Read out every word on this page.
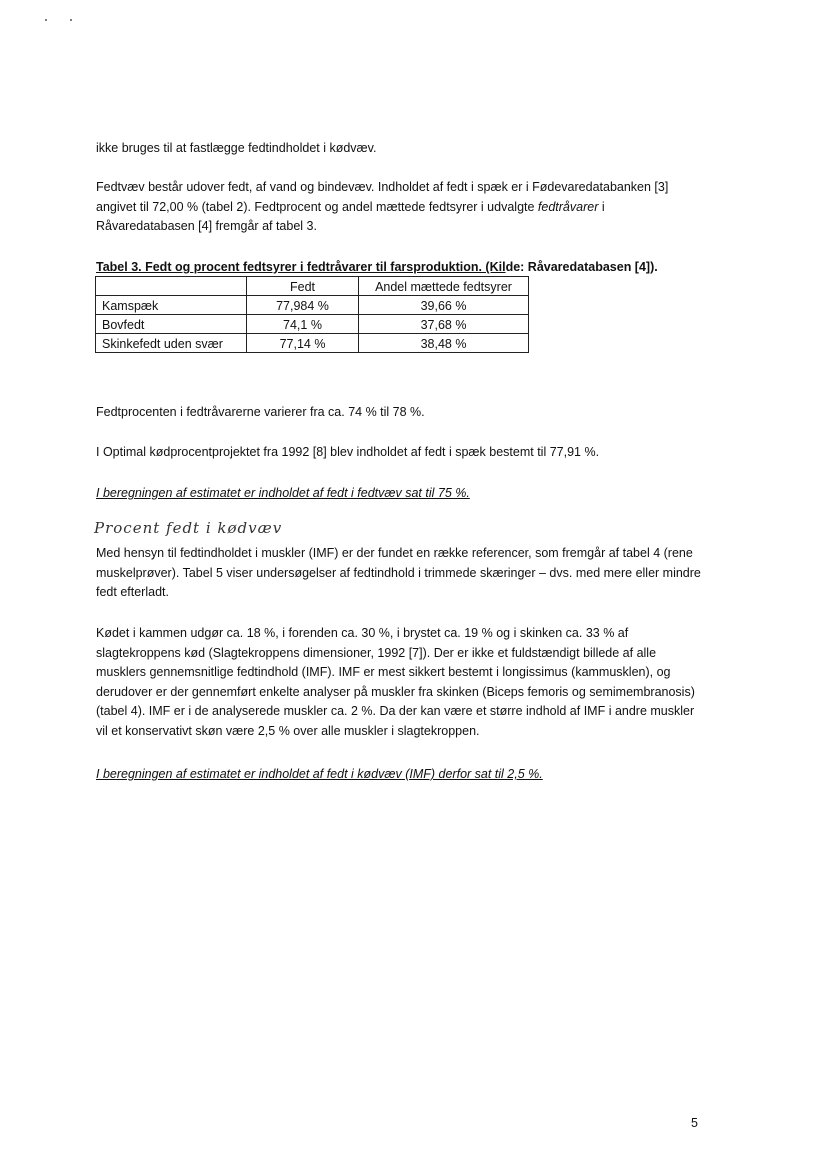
ikke bruges til at fastlægge fedtindholdet i kødvæv.

Fedtvæv består udover fedt, af vand og bindevæv. Indholdet af fedt i spæk er i Fødevaredatabanken [3]
angivet til 72,00 % (tabel 2). Fedtprocent og andel mættede fedtsyrer i udvalgte fedtråvarer i
Råvaredatabasen [4] fremgår af tabel 3.
Tabel 3. Fedt og procent fedtsyrer i fedtråvarer til farsproduktion. (Kilde: Råvaredatabasen [4]).
	Fedt	Andel mættede fedtsyrer
Kamspæk	77,984 %	39,66 %
Bovfedt	74,1 %	37,68 %
Skinkefedt uden svær	77,14 %	38,48 %

Fedtprocenten i fedtråvarerne varierer fra ca. 74 % til 78 %.

I Optimal kødprocentprojektet fra 1992 [8] blev indholdet af fedt i spæk bestemt til 77,91 %.

I beregningen af estimatet er indholdet af fedt i fedtvæv sat til 75 %.
Procent fedt i kødvæv
Med hensyn til fedtindholdet i muskler (IMF) er der fundet en række referencer, som fremgår af tabel 4 (rene
muskelprøver). Tabel 5 viser undersøgelser af fedtindhold i trimmede skæringer – dvs. med mere eller mindre
fedt efterladt.
Kødet i kammen udgør ca. 18 %, i forenden ca. 30 %, i brystet ca. 19 % og i skinken ca. 33 % af
slagtekroppens kød (Slagtekroppens dimensioner, 1992 [7]). Der er ikke et fuldstændigt billede af alle
musklers gennemsnitlige fedtindhold (IMF). IMF er mest sikkert bestemt i longissimus (kammusklen), og
derudover er der gennemført enkelte analyser på muskler fra skinken (Biceps femoris og semimembranosis)
(tabel 4). IMF er i de analyserede muskler ca. 2 %. Da der kan være et større indhold af IMF i andre muskler
vil et konservativt skøn være 2,5 % over alle muskler i slagtekroppen.
I beregningen af estimatet er indholdet af fedt i kødvæv (IMF) derfor sat til 2,5 %.
5
